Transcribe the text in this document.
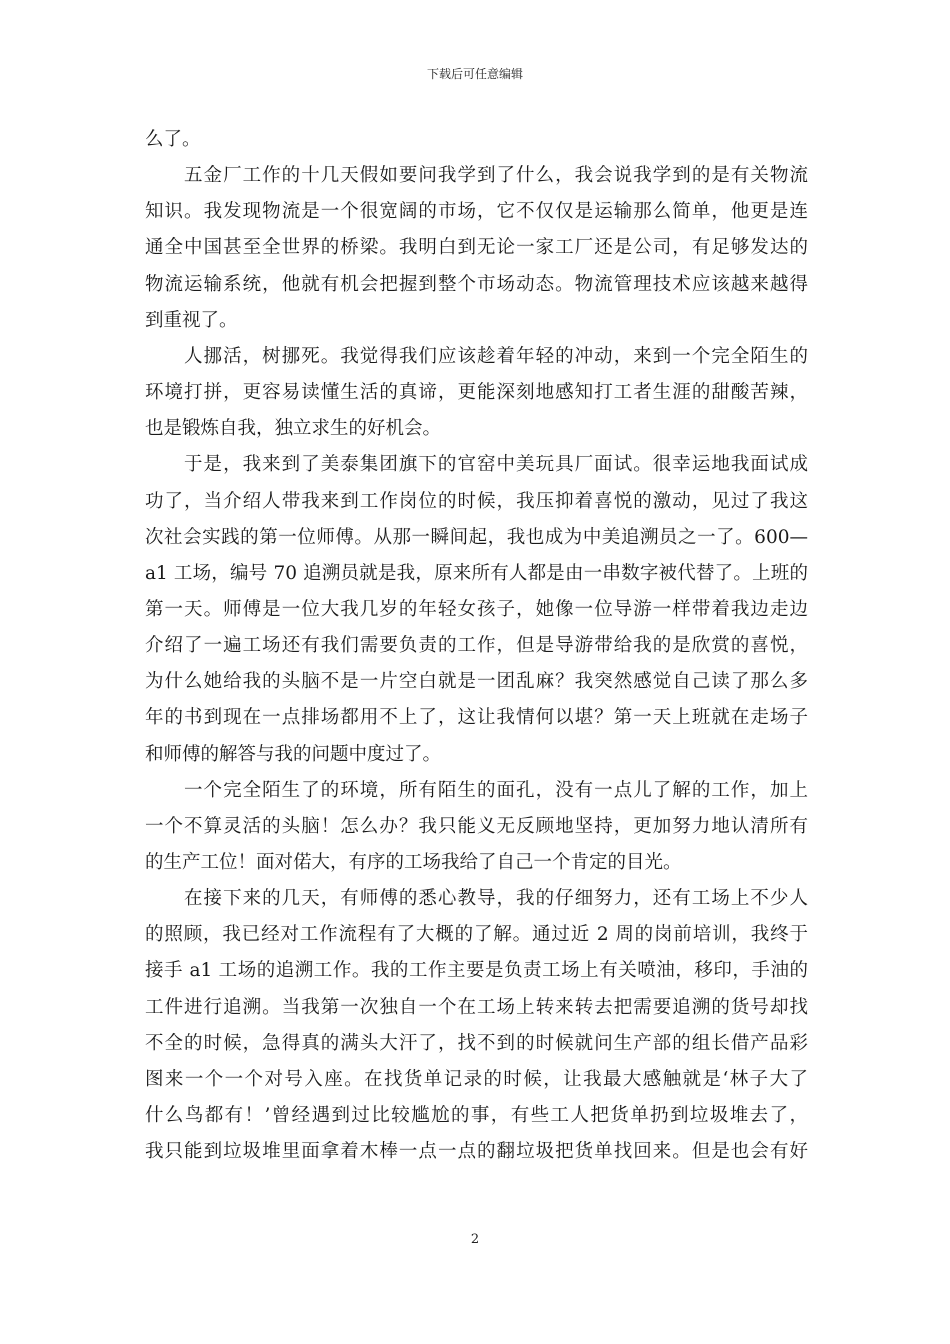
下载后可任意编辑
么了。
五金厂工作的十几天假如要问我学到了什么，我会说我学到的是有关物流
知识。我发现物流是一个很宽阔的市场，它不仅仅是运输那么简单，他更是连
通全中国甚至全世界的桥梁。我明白到无论一家工厂还是公司，有足够发达的
物流运输系统，他就有机会把握到整个市场动态。物流管理技术应该越来越得
到重视了。
人挪活，树挪死。我觉得我们应该趁着年轻的冲动，来到一个完全陌生的
环境打拼，更容易读懂生活的真谛，更能深刻地感知打工者生涯的甜酸苦辣，
也是锻炼自我，独立求生的好机会。
于是，我来到了美泰集团旗下的官窑中美玩具厂面试。很幸运地我面试成
功了，当介绍人带我来到工作岗位的时候，我压抑着喜悦的激动，见过了我这
次社会实践的第一位师傅。从那一瞬间起，我也成为中美追溯员之一了。600—
a1 工场，编号 70 追溯员就是我，原来所有人都是由一串数字被代替了。上班的
第一天。师傅是一位大我几岁的年轻女孩子，她像一位导游一样带着我边走边
介绍了一遍工场还有我们需要负责的工作，但是导游带给我的是欣赏的喜悦，
为什么她给我的头脑不是一片空白就是一团乱麻？我突然感觉自己读了那么多
年的书到现在一点排场都用不上了，这让我情何以堪？第一天上班就在走场子
和师傅的解答与我的问题中度过了。
一个完全陌生了的环境，所有陌生的面孔，没有一点儿了解的工作，加上
一个不算灵活的头脑！怎么办？我只能义无反顾地坚持，更加努力地认清所有
的生产工位！面对偌大，有序的工场我给了自己一个肯定的目光。
在接下来的几天，有师傅的悉心教导，我的仔细努力，还有工场上不少人
的照顾，我已经对工作流程有了大概的了解。通过近 2 周的岗前培训，我终于
接手 a1 工场的追溯工作。我的工作主要是负责工场上有关喷油，移印，手油的
工件进行追溯。当我第一次独自一个在工场上转来转去把需要追溯的货号却找
不全的时候，急得真的满头大汗了，找不到的时候就问生产部的组长借产品彩
图来一个一个对号入座。在找货单记录的时候，让我最大感触就是‘林子大了
什么鸟都有！’曾经遇到过比较尴尬的事，有些工人把货单扔到垃圾堆去了，
我只能到垃圾堆里面拿着木棒一点一点的翻垃圾把货单找回来。但是也会有好
2
